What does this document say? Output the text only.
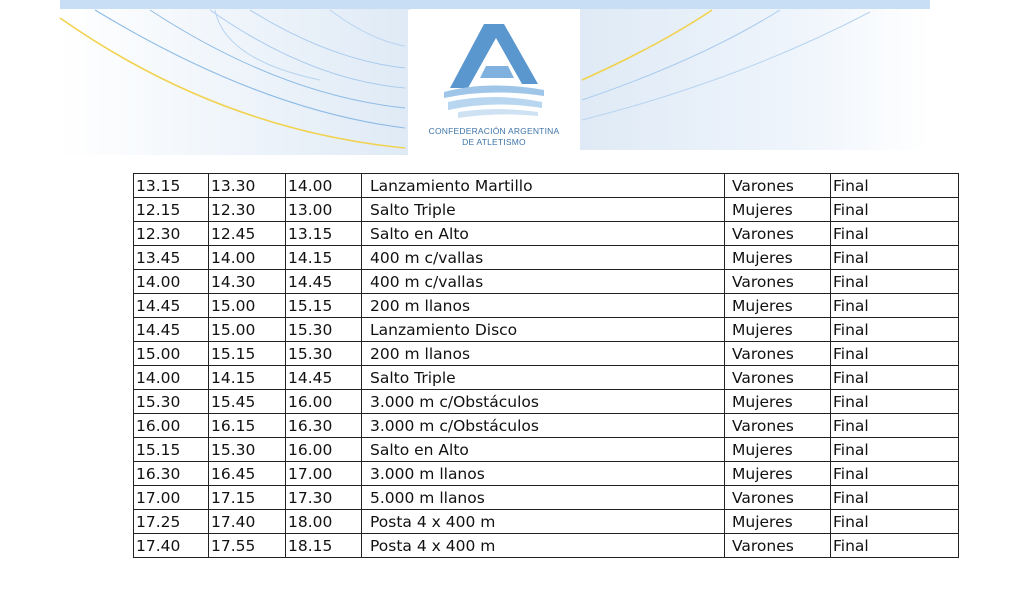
CONFEDERACIÓN ARGENTINA
DE ATLETISMO
13.15	13.30	14.00	Lanzamiento Martillo	Varones	Final
12.15	12.30	13.00	Salto Triple	Mujeres	Final
12.30	12.45	13.15	Salto en Alto	Varones	Final
13.45	14.00	14.15	400 m c/vallas	Mujeres	Final
14.00	14.30	14.45	400 m c/vallas	Varones	Final
14.45	15.00	15.15	200 m llanos	Mujeres	Final
14.45	15.00	15.30	Lanzamiento Disco	Mujeres	Final
15.00	15.15	15.30	200 m llanos	Varones	Final
14.00	14.15	14.45	Salto Triple	Varones	Final
15.30	15.45	16.00	3.000 m c/Obstáculos	Mujeres	Final
16.00	16.15	16.30	3.000 m c/Obstáculos	Varones	Final
15.15	15.30	16.00	Salto en Alto	Mujeres	Final
16.30	16.45	17.00	3.000 m llanos	Mujeres	Final
17.00	17.15	17.30	5.000 m llanos	Varones	Final
17.25	17.40	18.00	Posta 4 x 400 m	Mujeres	Final
17.40	17.55	18.15	Posta 4 x 400 m	Varones	Final
